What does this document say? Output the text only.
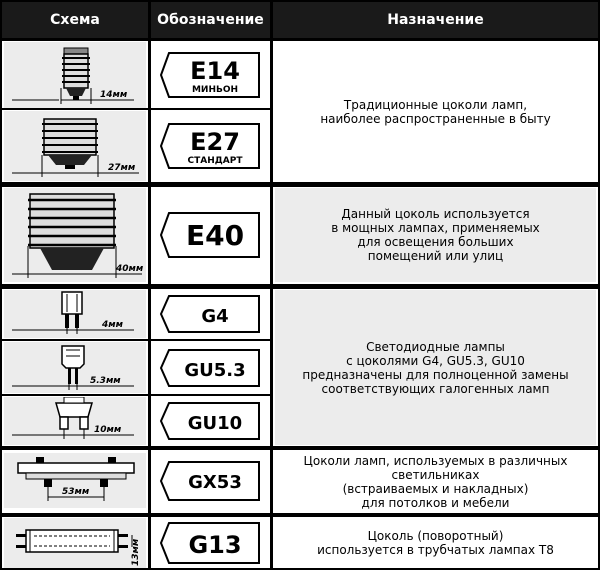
Схема	Обозначение	Назначение
14мм
27мм
40мм
4мм
5.3мм
10мм
53мм
13мм
E14
МИНЬОН
E27
СТАНДАРТ
E40
G4
GU5.3
GU10
GX53
G13
Традиционные цоколи ламп,
наиболее распространенные в быту
Данный цоколь используется
в мощных лампах, применяемых
для освещения больших
помещений или улиц
Светодиодные лампы
с цоколями G4, GU5.3, GU10
предназначены для полноценной замены
соответствующих галогенных ламп
Цоколи ламп, используемых в различных
светильниках
(встраиваемых и накладных)
для потолков и мебели
Цоколь (поворотный)
используется в трубчатых лампах Т8
